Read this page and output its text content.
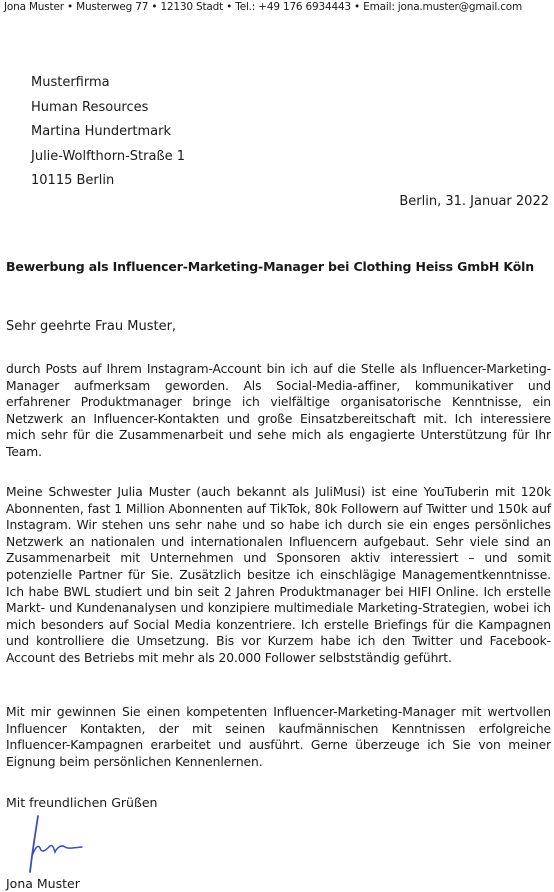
Jona Muster • Musterweg 77 • 12130 Stadt • Tel.: +49 176 6934443 • Email: jona.muster@gmail.com
Musterfirma
Human Resources
Martina Hundertmark
Julie-Wolfthorn-Straße 1
10115 Berlin
Berlin, 31. Januar 2022
Bewerbung als Influencer-Marketing-Manager bei Clothing Heiss GmbH Köln
Sehr geehrte Frau Muster,

durch Posts auf Ihrem Instagram-Account bin ich auf die Stelle als Influencer-Marketing-Manager aufmerksam geworden. Als Social-Media-affiner, kommunikativer und erfahrener Produktmanager bringe ich vielfältige organisatorische Kenntnisse, ein Netzwerk an Influencer-Kontakten und große Einsatzbereitschaft mit. Ich interessiere mich sehr für die Zusammenarbeit und sehe mich als engagierte Unterstützung für Ihr Team.

Meine Schwester Julia Muster (auch bekannt als JuliMusi) ist eine YouTuberin mit 120k Abonnenten, fast 1 Million Abonnenten auf TikTok, 80k Followern auf Twitter und 150k auf Instagram. Wir stehen uns sehr nahe und so habe ich durch sie ein enges persönliches Netzwerk an nationalen und internationalen Influencern aufgebaut. Sehr viele sind an Zusammenarbeit mit Unternehmen und Sponsoren aktiv interessiert – und somit potenzielle Partner für Sie. Zusätzlich besitze ich einschlägige Managementkenntnisse. Ich habe BWL studiert und bin seit 2 Jahren Produktmanager bei HIFI Online. Ich erstelle Markt- und Kundenanalysen und konzipiere multimediale Marketing-Strategien, wobei ich mich besonders auf Social Media konzentriere. Ich erstelle Briefings für die Kampagnen und kontrolliere die Umsetzung. Bis vor Kurzem habe ich den Twitter und Facebook-Account des Betriebs mit mehr als 20.000 Follower selbstständig geführt.

Mit mir gewinnen Sie einen kompetenten Influencer-Marketing-Manager mit wertvollen Influencer Kontakten, der mit seinen kaufmännischen Kenntnissen erfolgreiche Influencer-Kampagnen erarbeitet und ausführt. Gerne überzeuge ich Sie von meiner Eignung beim persönlichen Kennenlernen.

Mit freundlichen Grüßen
Jona Muster
